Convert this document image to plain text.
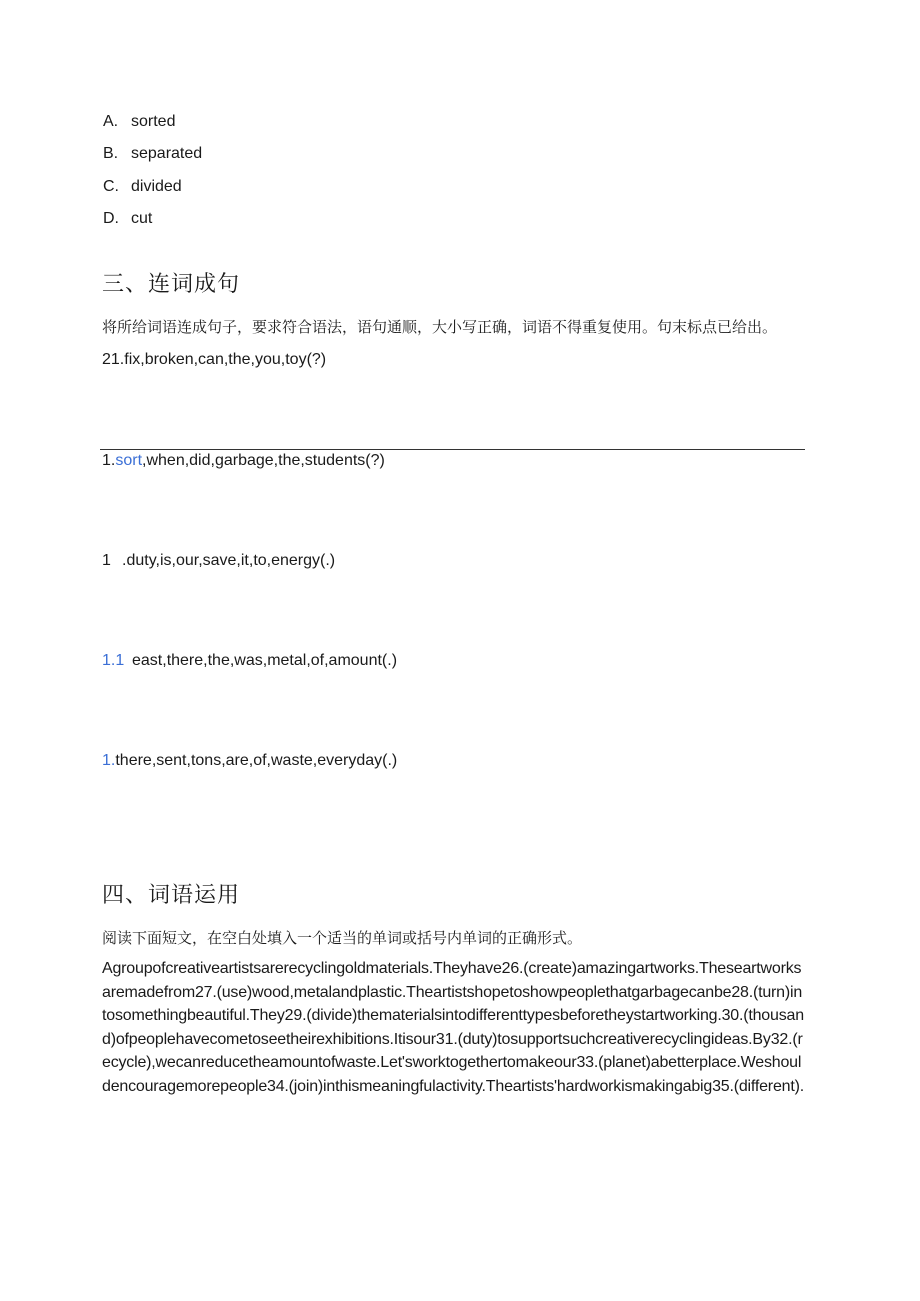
A. sorted
B. separated
C. divided
D. cut
三、连词成句
将所给词语连成句子，要求符合语法，语句通顺，大小写正确，词语不得重复使用。句末标点已给出。
21.fix,broken,can,the,you,toy(?)
1.sort,when,did,garbage,the,students(?)
1 .duty,is,our,save,it,to,energy(.)
1.1 east,there,the,was,metal,of,amount(.)
1.there,sent,tons,are,of,waste,everyday(.)
四、词语运用
阅读下面短文，在空白处填入一个适当的单词或括号内单词的正确形式。
Agroupofcreativeartistsarerecyclingoldmaterials.Theyhave26.(create)amazingartworks.Theseartworksaremadefrom27.(use)wood,metalandplastic.Theartistshopetoshowpeoplethatgarbagecanbe28.(turn)intosomethingbeautiful.They29.(divide)thematerialsintodifferenttypesbeforetheystartworking.30.(thousand)ofpeoplehavecometoseetheirexhibitions.Itisour31.(duty)tosupportsuchcreativerecyclingideas.By32.(recycle),wecanreducetheamountofwaste.Let'sworktogethertomakeour33.(planet)abetterplace.Weshouldencouragemorepeople34.(join)inthismeaningfulactivity.Theartists'hardworkismakingabig35.(different).
